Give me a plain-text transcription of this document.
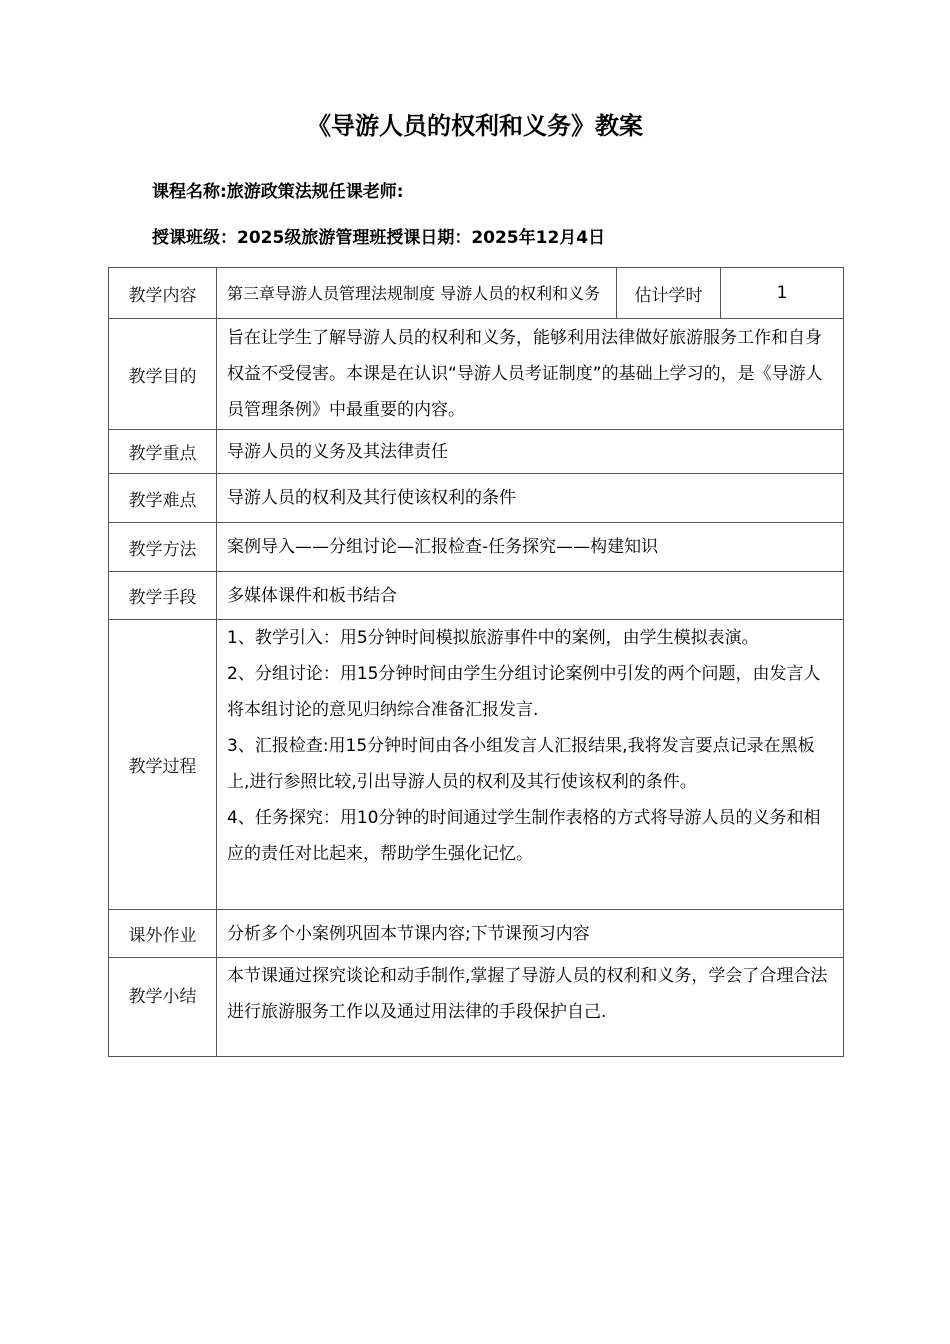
《导游人员的权利和义务》教案
课程名称:旅游政策法规任课老师:
授课班级：2025级旅游管理班授课日期：2025年12月4日
教学内容	第三章导游人员管理法规制度 导游人员的权利和义务	估计学时	1
教学目的	旨在让学生了解导游人员的权利和义务，能够利用法律做好旅游服务工作和自身权益不受侵害。本课是在认识“导游人员考证制度”的基础上学习的，是《导游人员管理条例》中最重要的内容。		
教学重点	导游人员的义务及其法律责任		
教学难点	导游人员的权利及其行使该权利的条件		
教学方法	案例导入——分组讨论—汇报检查-任务探究——构建知识		
教学手段	多媒体课件和板书结合		
教学过程	1、教学引入：用5分钟时间模拟旅游事件中的案例，由学生模拟表演。
2、分组讨论：用15分钟时间由学生分组讨论案例中引发的两个问题，由发言人将本组讨论的意见归纳综合准备汇报发言.
3、汇报检查:用15分钟时间由各小组发言人汇报结果,我将发言要点记录在黑板上,进行参照比较,引出导游人员的权利及其行使该权利的条件。
4、任务探究：用10分钟的时间通过学生制作表格的方式将导游人员的义务和相应的责任对比起来，帮助学生强化记忆。		

课外作业	分析多个小案例巩固本节课内容;下节课预习内容		
教学小结	本节课通过探究谈论和动手制作,掌握了导游人员的权利和义务，学会了合理合法进行旅游服务工作以及通过用法律的手段保护自己.		
